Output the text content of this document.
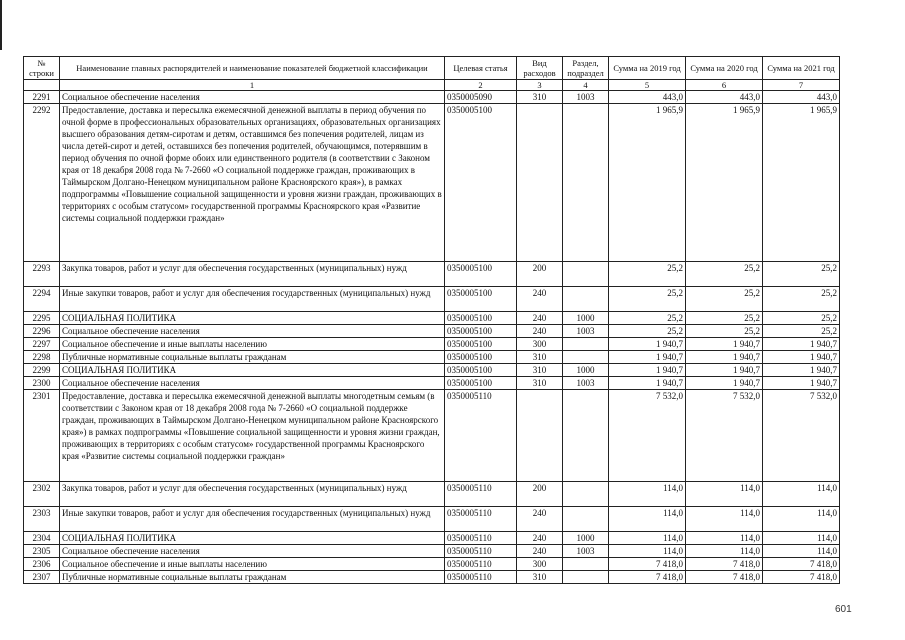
№ строки	Наименование главных распорядителей и наименование показателей бюджетной классификации	Целевая статья	Вид расходов	Раздел, подраздел	Сумма на 2019 год	Сумма на 2020 год	Сумма на 2021 год
	1	2	3	4	5	6	7
2291	Социальное обеспечение населения	0350005090	310	1003	443,0	443,0	443,0
2292	Предоставление, доставка и пересылка ежемесячной денежной выплаты в период обучения по очной форме в профессиональных образовательных организациях, образовательных организациях высшего образования детям-сиротам и детям, оставшимся без попечения родителей, лицам из числа детей-сирот и детей, оставшихся без попечения родителей, обучающимся, потерявшим в период обучения по очной форме обоих или единственного родителя (в соответствии с Законом края от 18 декабря 2008 года № 7-2660 «О социальной поддержке граждан, проживающих в Таймырском Долгано-Ненецком муниципальном районе Красноярского края»), в рамках подпрограммы «Повышение социальной защищенности и уровня жизни граждан, проживающих в территориях с особым статусом» государственной программы Красноярского края «Развитие системы социальной поддержки граждан»	0350005100			1 965,9	1 965,9	1 965,9
2293	Закупка товаров, работ и услуг для обеспечения государственных (муниципальных) нужд	0350005100	200		25,2	25,2	25,2
2294	Иные закупки товаров, работ и услуг для обеспечения государственных (муниципальных) нужд	0350005100	240		25,2	25,2	25,2
2295	СОЦИАЛЬНАЯ ПОЛИТИКА	0350005100	240	1000	25,2	25,2	25,2
2296	Социальное обеспечение населения	0350005100	240	1003	25,2	25,2	25,2
2297	Социальное обеспечение и иные выплаты населению	0350005100	300		1 940,7	1 940,7	1 940,7
2298	Публичные нормативные социальные выплаты гражданам	0350005100	310		1 940,7	1 940,7	1 940,7
2299	СОЦИАЛЬНАЯ ПОЛИТИКА	0350005100	310	1000	1 940,7	1 940,7	1 940,7
2300	Социальное обеспечение населения	0350005100	310	1003	1 940,7	1 940,7	1 940,7
2301	Предоставление, доставка и пересылка ежемесячной денежной выплаты многодетным семьям (в соответствии с Законом края от 18 декабря 2008 года № 7-2660 «О социальной поддержке граждан, проживающих в Таймырском Долгано-Ненецком муниципальном районе Красноярского края») в рамках подпрограммы «Повышение социальной защищенности и уровня жизни граждан, проживающих в территориях с особым статусом» государственной программы Красноярского края «Развитие системы социальной поддержки граждан»	0350005110			7 532,0	7 532,0	7 532,0
2302	Закупка товаров, работ и услуг для обеспечения государственных (муниципальных) нужд	0350005110	200		114,0	114,0	114,0
2303	Иные закупки товаров, работ и услуг для обеспечения государственных (муниципальных) нужд	0350005110	240		114,0	114,0	114,0
2304	СОЦИАЛЬНАЯ ПОЛИТИКА	0350005110	240	1000	114,0	114,0	114,0
2305	Социальное обеспечение населения	0350005110	240	1003	114,0	114,0	114,0
2306	Социальное обеспечение и иные выплаты населению	0350005110	300		7 418,0	7 418,0	7 418,0
2307	Публичные нормативные социальные выплаты гражданам	0350005110	310		7 418,0	7 418,0	7 418,0
601
